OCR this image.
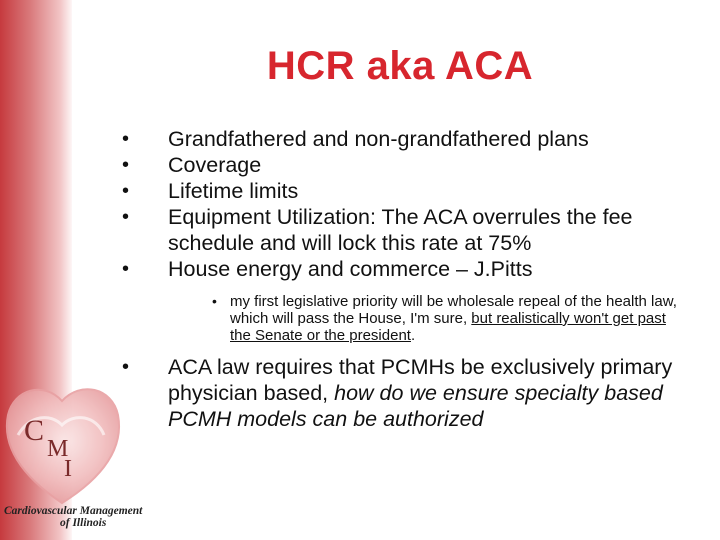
HCR aka ACA
• Grandfathered and non-grandfathered plans
• Coverage
• Lifetime limits
• Equipment Utilization: The ACA overrules the fee schedule and will lock this rate at 75%
• House energy and commerce – J.Pitts
• my first legislative priority will be wholesale repeal of the health law, which will pass the House, I'm sure, but realistically won't get past the Senate or the president.
• ACA law requires that PCMHs be exclusively primary physician based, how do we ensure specialty based PCMH models can be authorized
C
M
I
Cardiovascular Management
of Illinois
